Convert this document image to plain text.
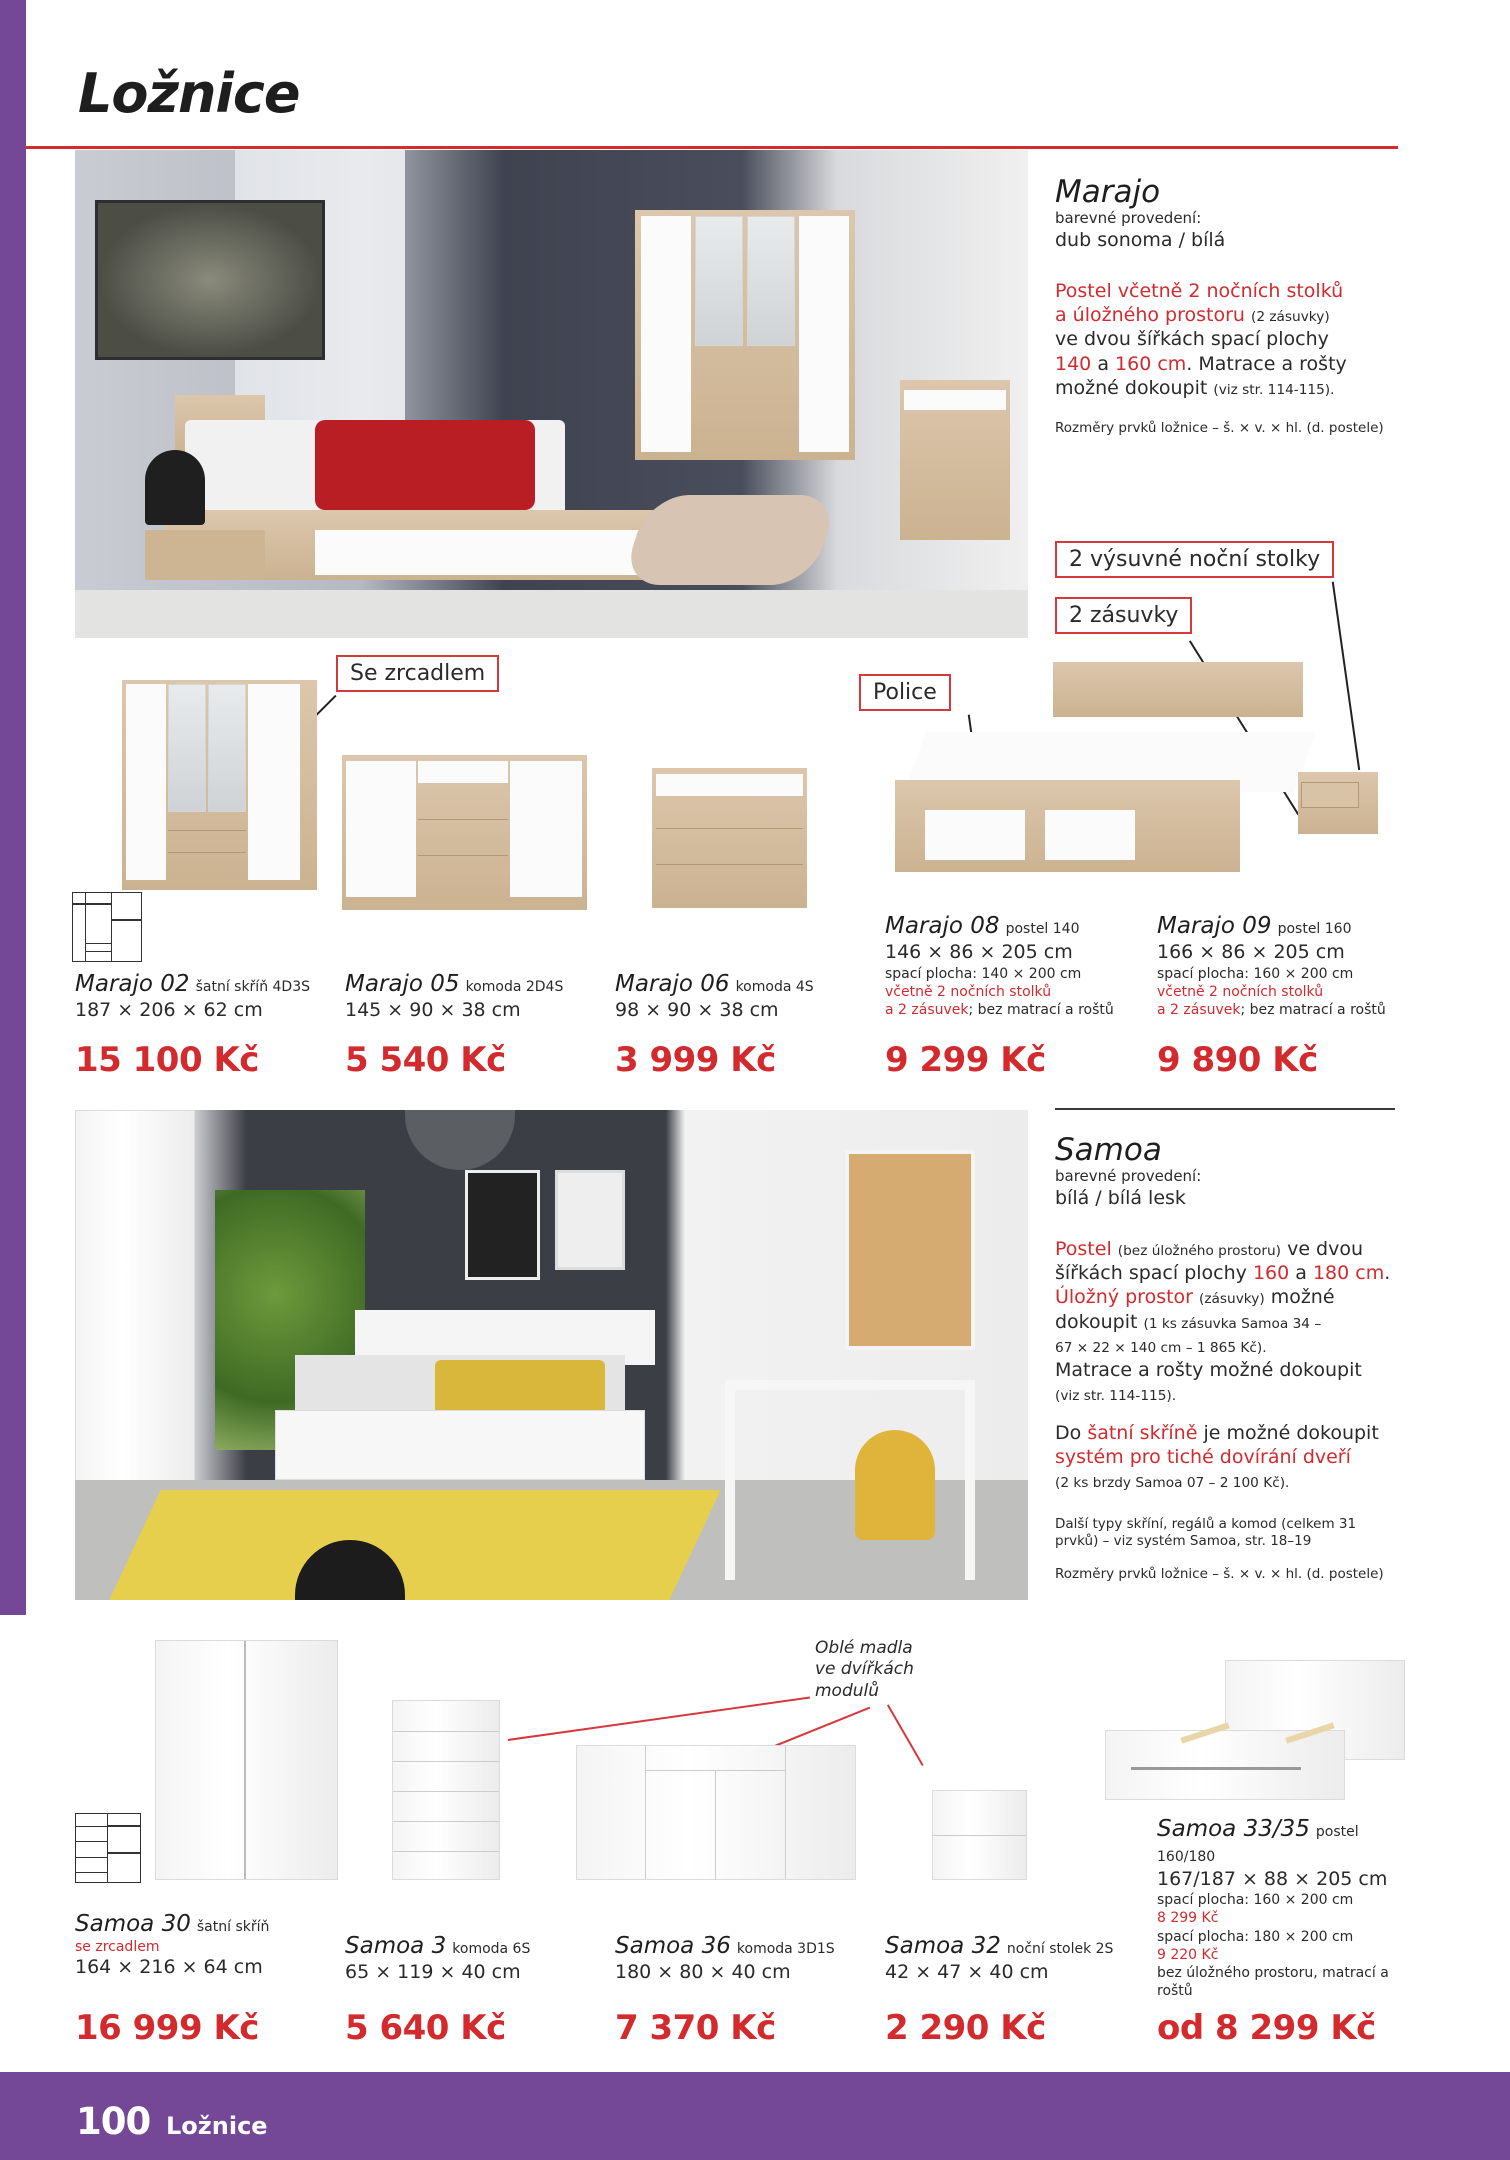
Ložnice
Marajo
barevné provedení:
dub sonoma / bílá
Postel včetně 2 nočních stolků
a úložného prostoru (2 zásuvky)
ve dvou šířkách spací plochy
140 a 160 cm. Matrace a rošty
možné dokoupit (viz str. 114-115).
Rozměry prvků ložnice – š. × v. × hl. (d. postele)
2 výsuvné noční stolky
2 zásuvky
Se zrcadlem
Police
Marajo 02 šatní skříň 4D3S
187 × 206 × 62 cm
15 100 Kč
Marajo 05 komoda 2D4S
145 × 90 × 38 cm
5 540 Kč
Marajo 06 komoda 4S
98 × 90 × 38 cm
3 999 Kč
Marajo 08 postel 140
146 × 86 × 205 cm
spací plocha: 140 × 200 cm
včetně 2 nočních stolků
a 2 zásuvek; bez matrací a roštů
9 299 Kč
Marajo 09 postel 160
166 × 86 × 205 cm
spací plocha: 160 × 200 cm
včetně 2 nočních stolků
a 2 zásuvek; bez matrací a roštů
9 890 Kč
Samoa
barevné provedení:
bílá / bílá lesk
Postel (bez úložného prostoru) ve dvou
šířkách spací plochy 160 a 180 cm.
Úložný prostor (zásuvky) možné
dokoupit (1 ks zásuvka Samoa 34 –
67 × 22 × 140 cm – 1 865 Kč).
Matrace a rošty možné dokoupit
(viz str. 114-115).
Do šatní skříně je možné dokoupit
systém pro tiché dovírání dveří
(2 ks brzdy Samoa 07 – 2 100 Kč).
Další typy skříní, regálů a komod (celkem 31 prvků) – viz systém Samoa, str. 18–19
Rozměry prvků ložnice – š. × v. × hl. (d. postele)
Oblé madla ve dvířkách modulů
Samoa 30 šatní skříň
se zrcadlem
164 × 216 × 64 cm
16 999 Kč
Samoa 3 komoda 6S
65 × 119 × 40 cm
5 640 Kč
Samoa 36 komoda 3D1S
180 × 80 × 40 cm
7 370 Kč
Samoa 32 noční stolek 2S
42 × 47 × 40 cm
2 290 Kč
Samoa 33/35 postel 160/180
167/187 × 88 × 205 cm
spací plocha: 160 × 200 cm
8 299 Kč
spací plocha: 180 × 200 cm
9 220 Kč
bez úložného prostoru, matrací a roštů
od 8 299 Kč
100 Ložnice
